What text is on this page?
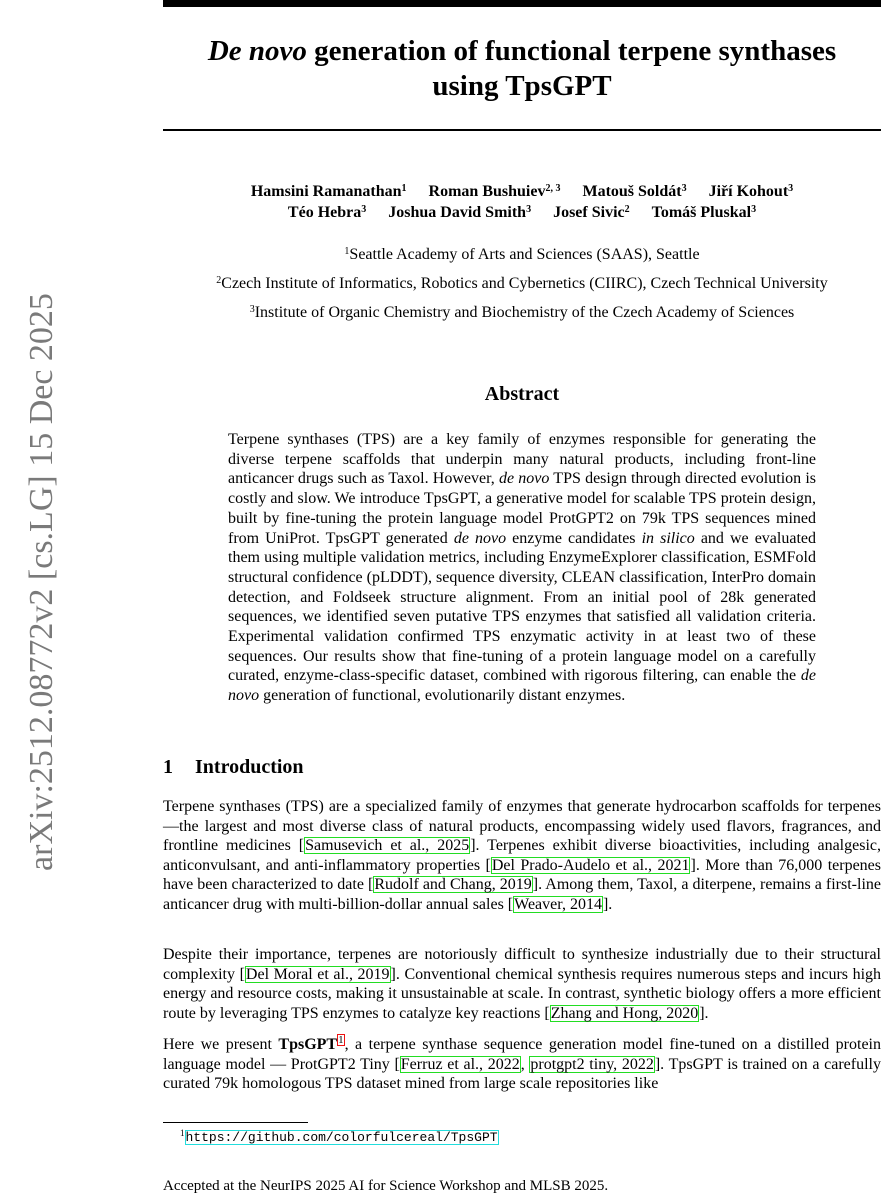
arXiv:2512.08772v2 [cs.LG] 15 Dec 2025
De novo generation of functional terpene synthases
using TpsGPT
Hamsini Ramanathan$^1$ Roman Bushuiev$^{2, 3}$ Matouš Soldát$^3$ Jiří Kohout$^3$
Téo Hebra$^3$ Joshua David Smith$^3$ Josef Sivic$^2$ Tomáš Pluskal$^3$
$^1$Seattle Academy of Arts and Sciences (SAAS), Seattle
$^2$Czech Institute of Informatics, Robotics and Cybernetics (CIIRC), Czech Technical University
$^3$Institute of Organic Chemistry and Biochemistry of the Czech Academy of Sciences
Abstract
Terpene synthases (TPS) are a key family of enzymes responsible for generating the diverse terpene scaffolds that underpin many natural products, including front-line anticancer drugs such as Taxol. However, de novo TPS design through directed evolution is costly and slow. We introduce TpsGPT, a generative model for scalable TPS protein design, built by fine-tuning the protein language model ProtGPT2 on 79k TPS sequences mined from UniProt. TpsGPT generated de novo enzyme candidates in silico and we evaluated them using multiple validation metrics, including EnzymeExplorer classification, ESMFold structural confidence (pLDDT), sequence diversity, CLEAN classification, InterPro domain detection, and Foldseek structure alignment. From an initial pool of 28k generated sequences, we identified seven putative TPS enzymes that satisfied all validation criteria. Experimental validation confirmed TPS enzymatic activity in at least two of these sequences. Our results show that fine-tuning of a protein language model on a carefully curated, enzyme-class-specific dataset, combined with rigorous filtering, can enable the de novo generation of functional, evolutionarily distant enzymes.
1 Introduction
Terpene synthases (TPS) are a specialized family of enzymes that generate hydrocarbon scaffolds for terpenes—the largest and most diverse class of natural products, encompassing widely used flavors, fragrances, and frontline medicines [Samusevich et al., 2025]. Terpenes exhibit diverse bioactivities, including analgesic, anticonvulsant, and anti-inflammatory properties [Del Prado-Audelo et al., 2021]. More than 76,000 terpenes have been characterized to date [Rudolf and Chang, 2019]. Among them, Taxol, a diterpene, remains a first-line anticancer drug with multi-billion-dollar annual sales [Weaver, 2014].
Despite their importance, terpenes are notoriously difficult to synthesize industrially due to their structural complexity [Del Moral et al., 2019]. Conventional chemical synthesis requires numerous steps and incurs high energy and resource costs, making it unsustainable at scale. In contrast, synthetic biology offers a more efficient route by leveraging TPS enzymes to catalyze key reactions [Zhang and Hong, 2020].
Here we present TpsGPT$^1$, a terpene synthase sequence generation model fine-tuned on a distilled protein language model — ProtGPT2 Tiny [Ferruz et al., 2022, protgpt2 tiny, 2022]. TpsGPT is trained on a carefully curated 79k homologous TPS dataset mined from large scale repositories like
$^1$https://github.com/colorfulcereal/TpsGPT
Accepted at the NeurIPS 2025 AI for Science Workshop and MLSB 2025.
